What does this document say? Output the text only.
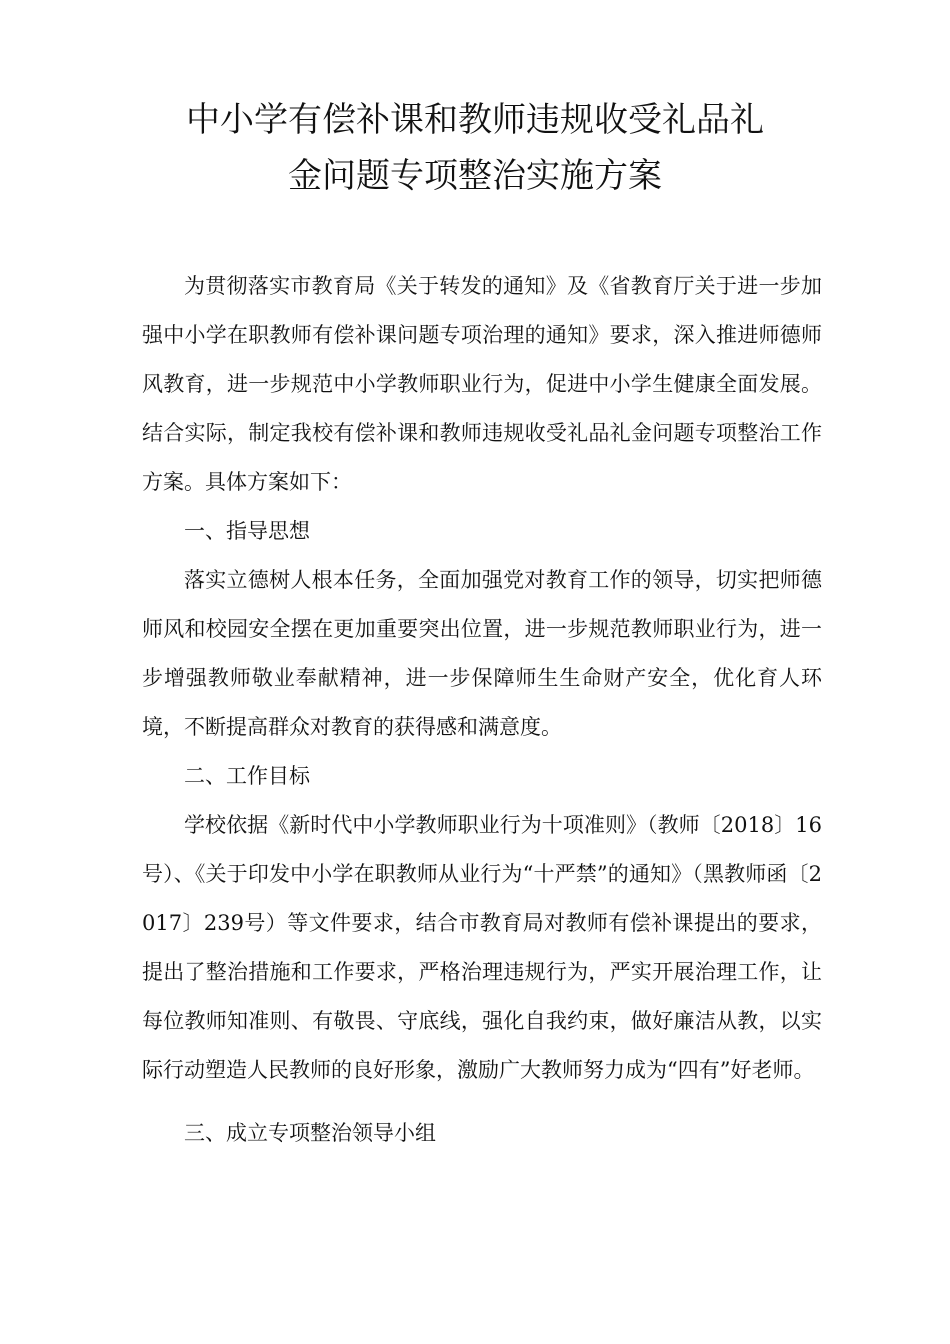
中小学有偿补课和教师违规收受礼品礼
金问题专项整治实施方案

为贯彻落实市教育局《关于转发的通知》及《省教育厅关于进一步加强中小学在职教师有偿补课问题专项治理的通知》要求，深入推进师德师风教育，进一步规范中小学教师职业行为，促进中小学生健康全面发展。结合实际，制定我校有偿补课和教师违规收受礼品礼金问题专项整治工作方案。具体方案如下：

一、指导思想

落实立德树人根本任务，全面加强党对教育工作的领导，切实把师德师风和校园安全摆在更加重要突出位置，进一步规范教师职业行为，进一步增强教师敬业奉献精神，进一步保障师生生命财产安全，优化育人环境，不断提高群众对教育的获得感和满意度。

二、工作目标

学校依据《新时代中小学教师职业行为十项准则》（教师〔2018〕16号）、《关于印发中小学在职教师从业行为“十严禁”的通知》（黑教师函〔2017〕239号）等文件要求，结合市教育局对教师有偿补课提出的要求，提出了整治措施和工作要求，严格治理违规行为，严实开展治理工作，让每位教师知准则、有敬畏、守底线，强化自我约束，做好廉洁从教，以实际行动塑造人民教师的良好形象，激励广大教师努力成为“四有”好老师。

三、成立专项整治领导小组
